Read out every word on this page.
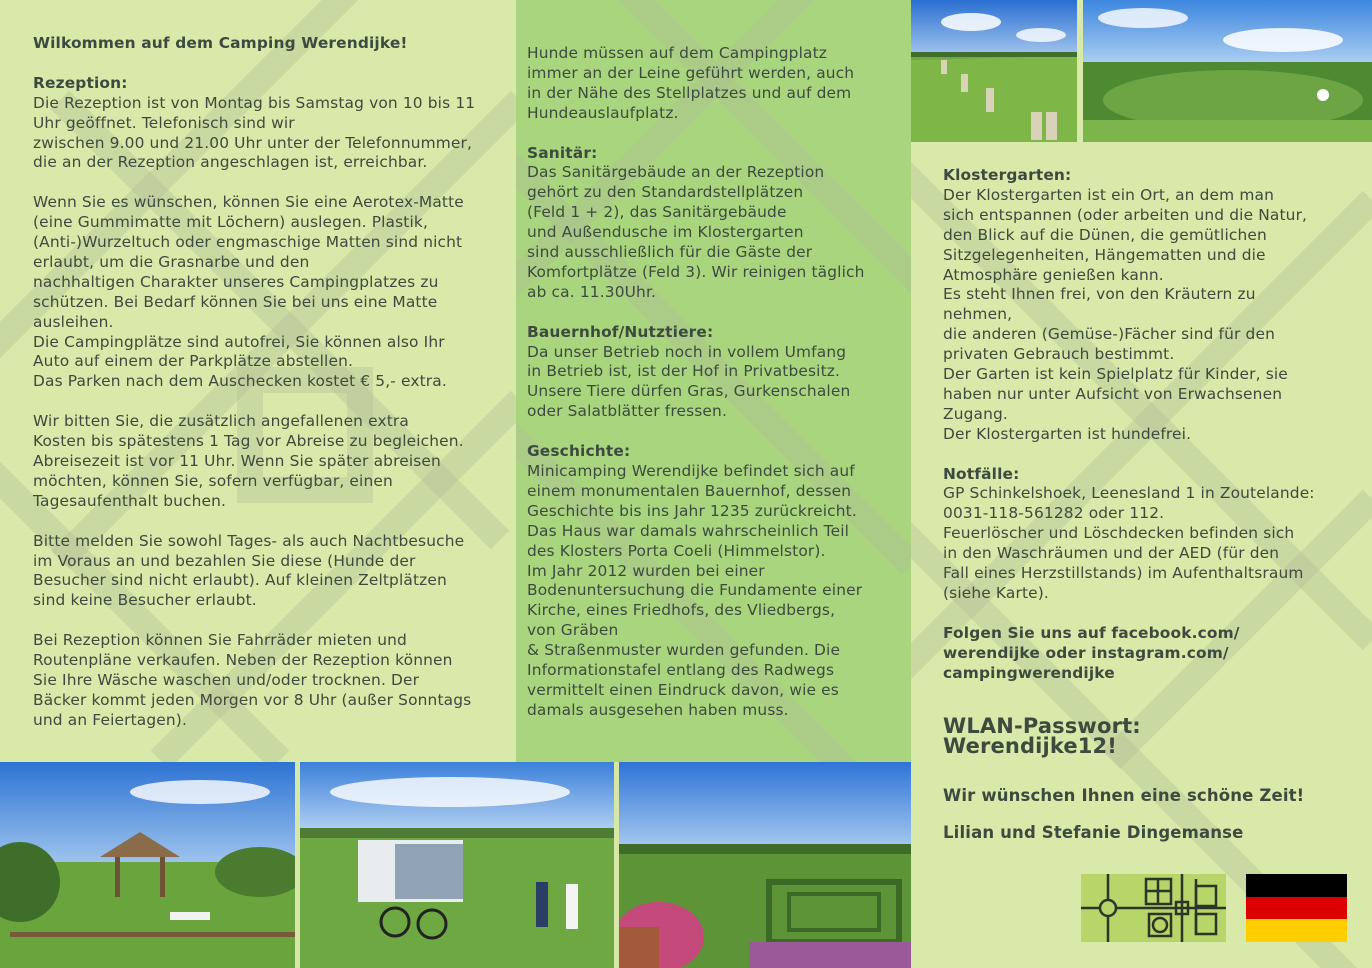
Wilkommen auf dem Camping Werendijke!

Rezeption:

Die Rezeption ist von Montag bis Samstag von 10 bis 11

Uhr geöffnet. Telefonisch sind wir

zwischen 9.00 und 21.00 Uhr unter der Telefonnummer,

die an der Rezeption angeschlagen ist, erreichbar.

Wenn Sie es wünschen, können Sie eine Aerotex-Matte

(eine Gummimatte mit Löchern) auslegen. Plastik,

(Anti-)Wurzeltuch oder engmaschige Matten sind nicht

erlaubt, um die Grasnarbe und den

nachhaltigen Charakter unseres Campingplatzes zu

schützen. Bei Bedarf können Sie bei uns eine Matte

ausleihen.

Die Campingplätze sind autofrei, Sie können also Ihr

Auto auf einem der Parkplätze abstellen.

Das Parken nach dem Auschecken kostet € 5,- extra.

Wir bitten Sie, die zusätzlich angefallenen extra

Kosten bis spätestens 1 Tag vor Abreise zu begleichen.

Abreisezeit ist vor 11 Uhr. Wenn Sie später abreisen

möchten, können Sie, sofern verfügbar, einen

Tagesaufenthalt buchen.

Bitte melden Sie sowohl Tages- als auch Nachtbesuche

im Voraus an und bezahlen Sie diese (Hunde der

Besucher sind nicht erlaubt). Auf kleinen Zeltplätzen

sind keine Besucher erlaubt.

Bei Rezeption können Sie Fahrräder mieten und

Routenpläne verkaufen. Neben der Rezeption können

Sie Ihre Wäsche waschen und/oder trocknen. Der

Bäcker kommt jeden Morgen vor 8 Uhr (außer Sonntags

und an Feiertagen).

Hunde müssen auf dem Campingplatz

immer an der Leine geführt werden, auch

in der Nähe des Stellplatzes und auf dem

Hundeauslaufplatz.

Sanitär:

Das Sanitärgebäude an der Rezeption

gehört zu den Standardstellplätzen

(Feld 1 + 2), das Sanitärgebäude

und Außendusche im Klostergarten

sind ausschließlich für die Gäste der

Komfortplätze (Feld 3). Wir reinigen täglich

ab ca. 11.30Uhr.

Bauernhof/Nutztiere:

Da unser Betrieb noch in vollem Umfang

in Betrieb ist, ist der Hof in Privatbesitz.

Unsere Tiere dürfen Gras, Gurkenschalen

oder Salatblätter fressen.

Geschichte:

Minicamping Werendijke befindet sich auf

einem monumentalen Bauernhof, dessen

Geschichte bis ins Jahr 1235 zurückreicht.

Das Haus war damals wahrscheinlich Teil

des Klosters Porta Coeli (Himmelstor).

Im Jahr 2012 wurden bei einer

Bodenuntersuchung die Fundamente einer

Kirche, eines Friedhofs, des Vliedbergs,

von Gräben

& Straßenmuster wurden gefunden. Die

Informationstafel entlang des Radwegs

vermittelt einen Eindruck davon, wie es

damals ausgesehen haben muss.

Klostergarten:

Der Klostergarten ist ein Ort, an dem man

sich entspannen (oder arbeiten und die Natur,

den Blick auf die Dünen, die gemütlichen

Sitzgelegenheiten, Hängematten und die

Atmosphäre genießen kann.

Es steht Ihnen frei, von den Kräutern zu

nehmen,

die anderen (Gemüse-)Fächer sind für den

privaten Gebrauch bestimmt.

Der Garten ist kein Spielplatz für Kinder, sie

haben nur unter Aufsicht von Erwachsenen

Zugang.

Der Klostergarten ist hundefrei.

Notfälle:

GP Schinkelshoek, Leenesland 1 in Zoutelande:

0031-118-561282 oder 112.

Feuerlöscher und Löschdecken befinden sich

in den Waschräumen und der AED (für den

Fall eines Herzstillstands) im Aufenthaltsraum

(siehe Karte).

Folgen Sie uns auf facebook.com/

werendijke oder instagram.com/

campingwerendijke

WLAN-Passwort:

Werendijke12!

Wir wünschen Ihnen eine schöne Zeit!

Lilian und Stefanie Dingemanse
